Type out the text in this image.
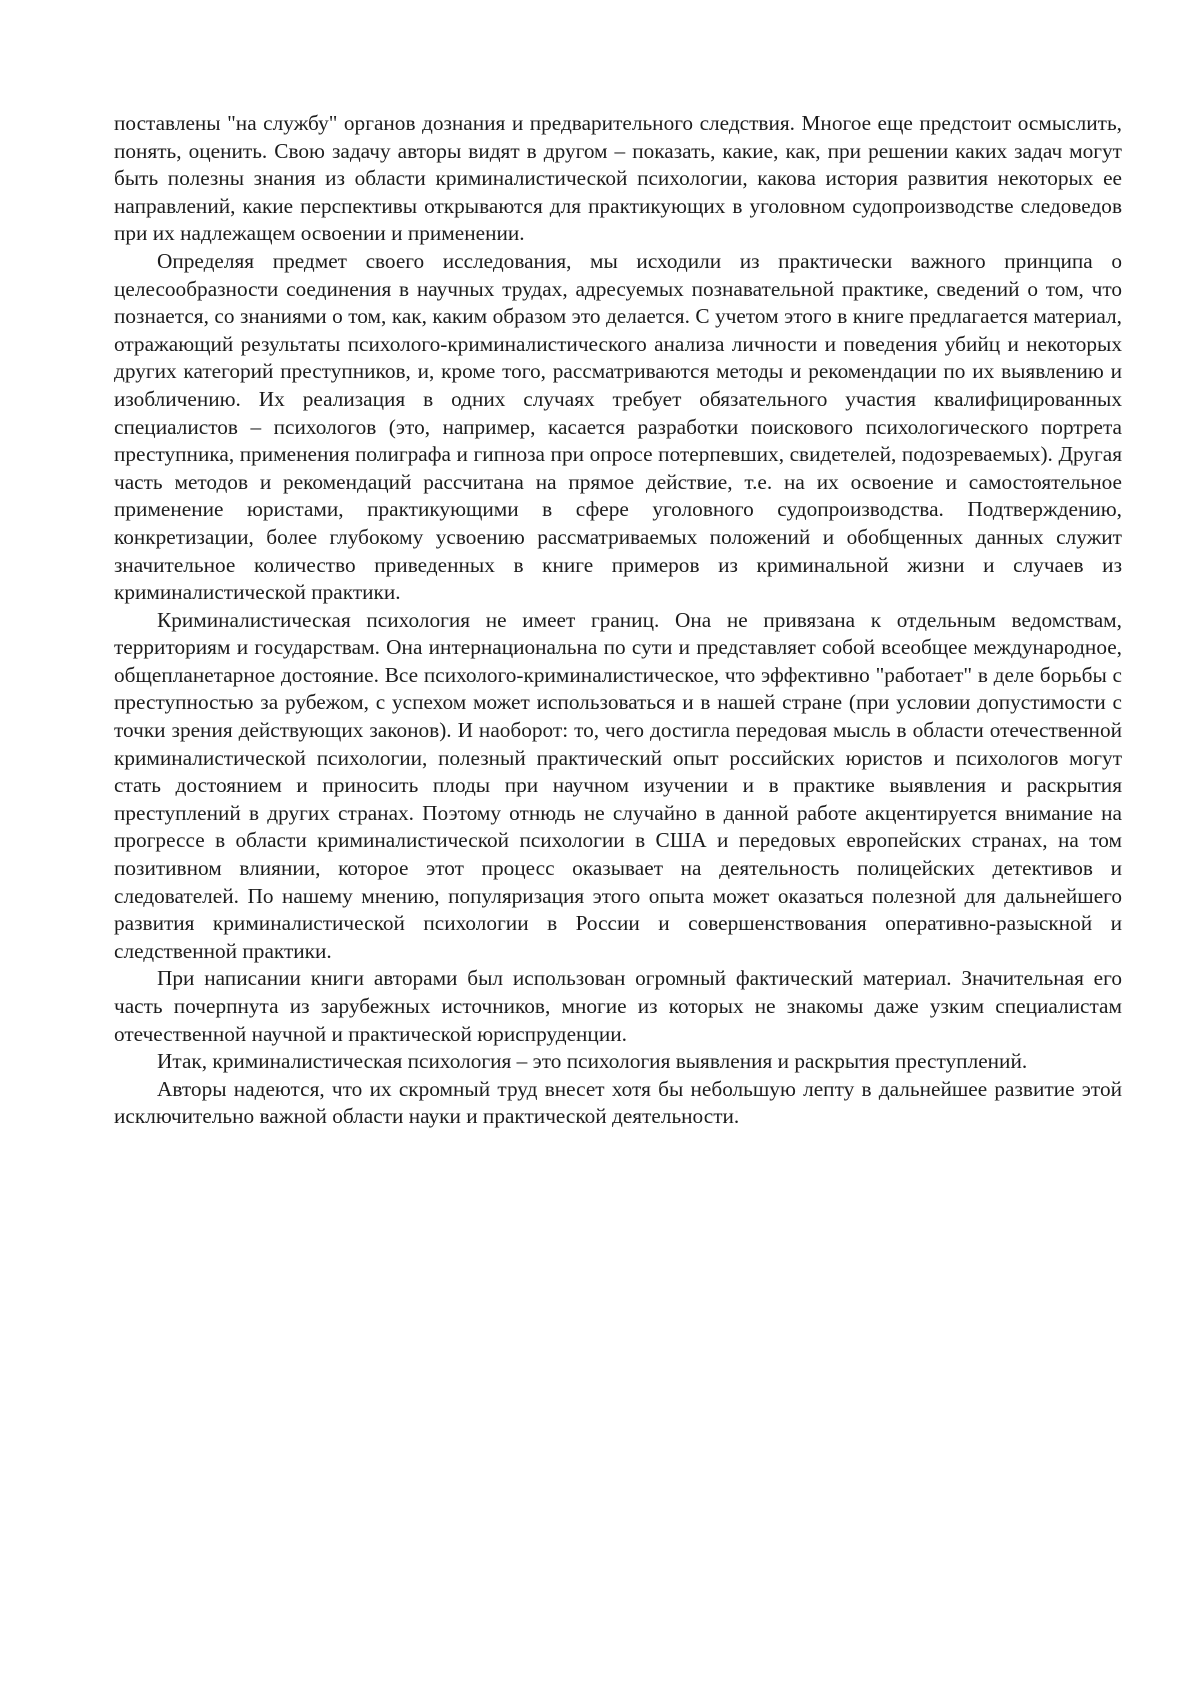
поставлены "на службу" органов дознания и предварительного следствия. Многое еще предстоит осмыслить, понять, оценить. Свою задачу авторы видят в другом – показать, какие, как, при решении каких задач могут быть полезны знания из области криминалистической психологии, какова история развития некоторых ее направлений, какие перспективы открываются для практикующих в уголовном судопроизводстве следоведов при их надлежащем освоении и применении.

Определяя предмет своего исследования, мы исходили из практически важного принципа о целесообразности соединения в научных трудах, адресуемых познавательной практике, сведений о том, что познается, со знаниями о том, как, каким образом это делается. С учетом этого в книге предлагается материал, отражающий результаты психолого-криминалистического анализа личности и поведения убийц и некоторых других категорий преступников, и, кроме того, рассматриваются методы и рекомендации по их выявлению и изобличению. Их реализация в одних случаях требует обязательного участия квалифицированных специалистов – психологов (это, например, касается разработки поискового психологического портрета преступника, применения полиграфа и гипноза при опросе потерпевших, свидетелей, подозреваемых). Другая часть методов и рекомендаций рассчитана на прямое действие, т.е. на их освоение и самостоятельное применение юристами, практикующими в сфере уголовного судопроизводства. Подтверждению, конкретизации, более глубокому усвоению рассматриваемых положений и обобщенных данных служит значительное количество приведенных в книге примеров из криминальной жизни и случаев из криминалистической практики.

Криминалистическая психология не имеет границ. Она не привязана к отдельным ведомствам, территориям и государствам. Она интернациональна по сути и представляет собой всеобщее международное, общепланетарное достояние. Все психолого-криминалистическое, что эффективно "работает" в деле борьбы с преступностью за рубежом, с успехом может использоваться и в нашей стране (при условии допустимости с точки зрения действующих законов). И наоборот: то, чего достигла передовая мысль в области отечественной криминалистической психологии, полезный практический опыт российских юристов и психологов могут стать достоянием и приносить плоды при научном изучении и в практике выявления и раскрытия преступлений в других странах. Поэтому отнюдь не случайно в данной работе акцентируется внимание на прогрессе в области криминалистической психологии в США и передовых европейских странах, на том позитивном влиянии, которое этот процесс оказывает на деятельность полицейских детективов и следователей. По нашему мнению, популяризация этого опыта может оказаться полезной для дальнейшего развития криминалистической психологии в России и совершенствования оперативно-разыскной и следственной практики.

При написании книги авторами был использован огромный фактический материал. Значительная его часть почерпнута из зарубежных источников, многие из которых не знакомы даже узким специалистам отечественной научной и практической юриспруденции.

Итак, криминалистическая психология – это психология выявления и раскрытия преступлений.

Авторы надеются, что их скромный труд внесет хотя бы небольшую лепту в дальнейшее развитие этой исключительно важной области науки и практической деятельности.
